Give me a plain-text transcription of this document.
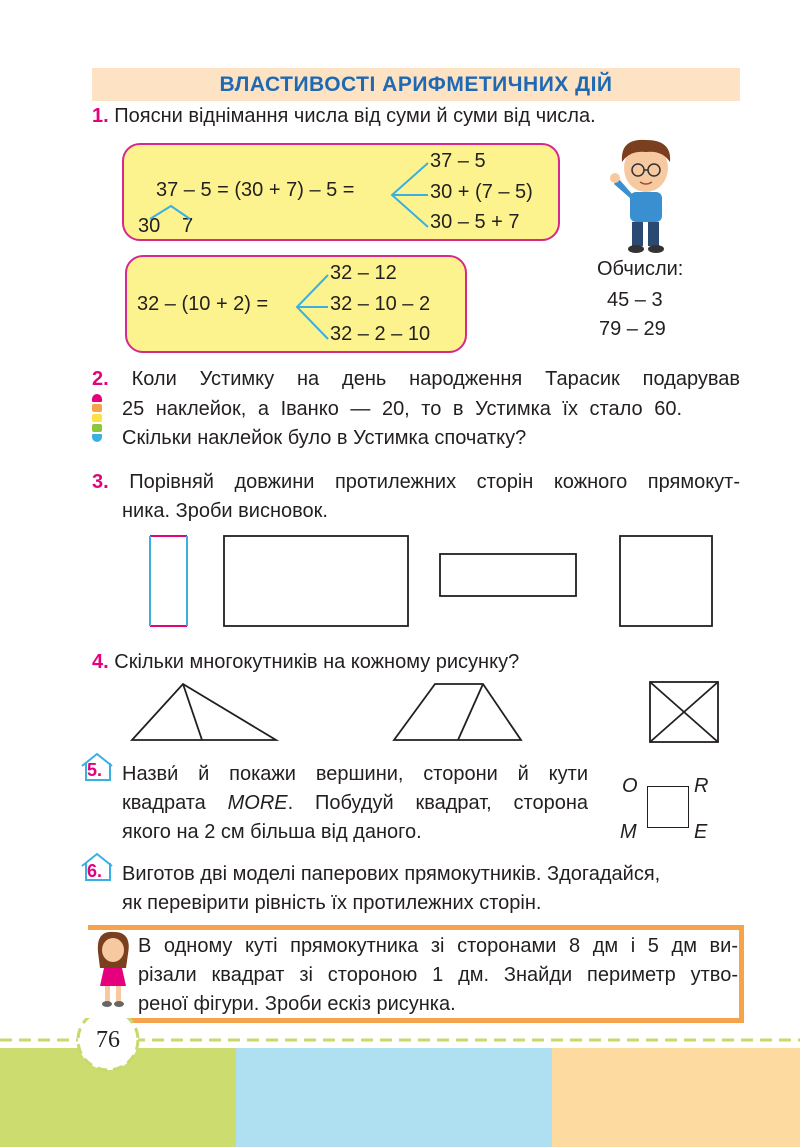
ВЛАСТИВОСТІ АРИФМЕТИЧНИХ ДІЙ
1. Поясни віднімання числа від суми й суми від числа.
37 – 5 = (30 + 7) – 5 =
37 – 5
30 + (7 – 5)
30 – 5 + 7
30 7
32 – (10 + 2) =
32 – 12
32 – 10 – 2
32 – 2 – 10
Обчисли:
45 – 3
79 – 29
2. Коли Устимку на день народження Тарасик подарував
25 наклейок, а Іванко — 20, то в Устимка їх стало 60.
Скільки наклейок було в Устимка спочатку?
3. Порівняй довжини протилежних сторін кожного прямокут-
ника. Зроби висновок.
4. Скільки многокутників на кожному рисунку?
5. Назви́ й покажи вершини, сторони й кути
квадрата MORE. Побудуй квадрат, сторона
якого на 2 см більша від даного.
O	R
M	E
6. Виготов дві моделі паперових прямокутників. Здогадайся,
як перевірити рівність їх протилежних сторін.
В одному куті прямокутника зі сторонами 8 дм і 5 дм ви-
різали квадрат зі стороною 1 дм. Знайди периметр утво-
реної фігури. Зроби ескіз рисунка.
76
